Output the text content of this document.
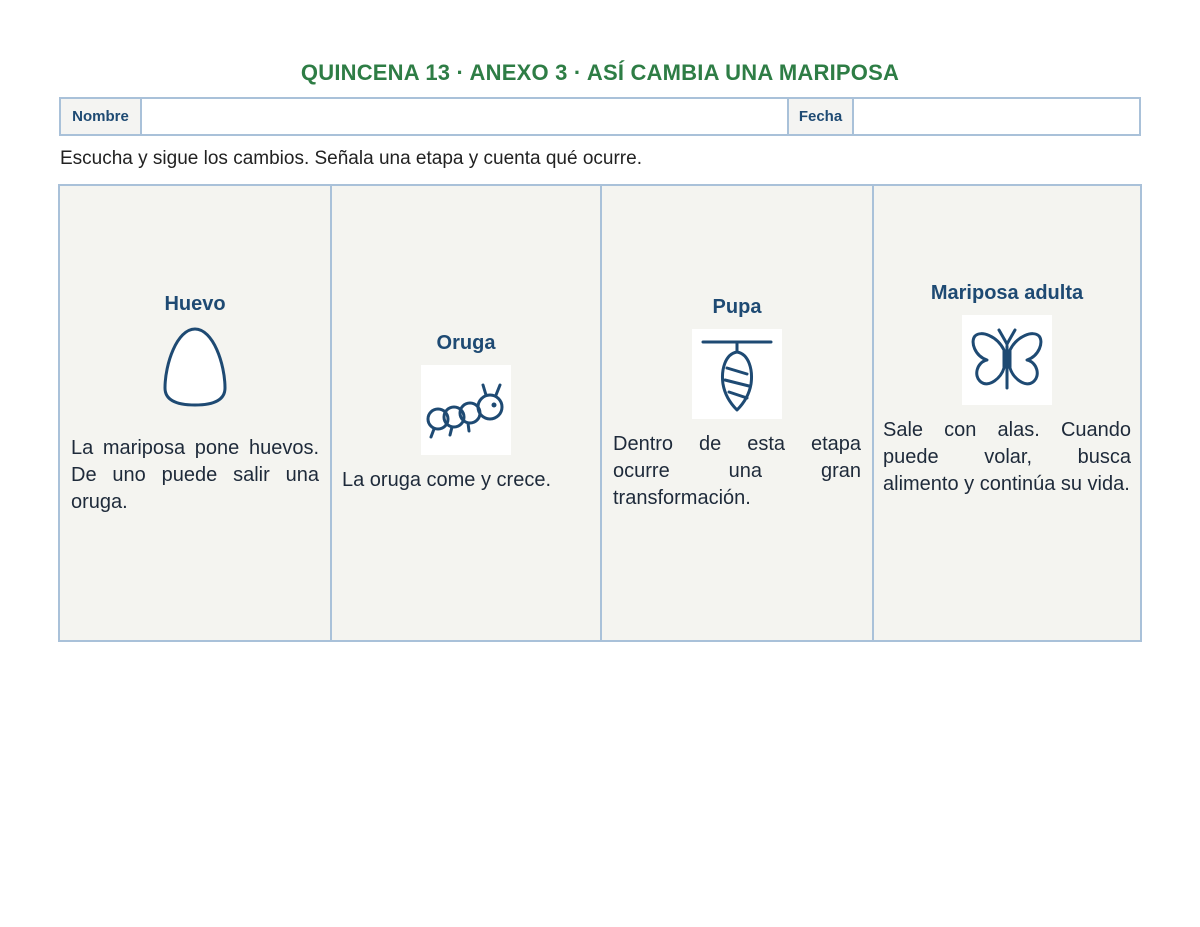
QUINCENA 13 · ANEXO 3 · ASÍ CAMBIA UNA MARIPOSA
Nombre	Fecha
Escucha y sigue los cambios. Señala una etapa y cuenta qué ocurre.
Huevo
La mariposa pone huevos. De uno puede salir una oruga.
Oruga
La oruga come y crece.
Pupa
Dentro de esta etapa ocurre una gran transformación.
Mariposa adulta
Sale con alas. Cuando puede volar, busca alimento y continúa su vida.
